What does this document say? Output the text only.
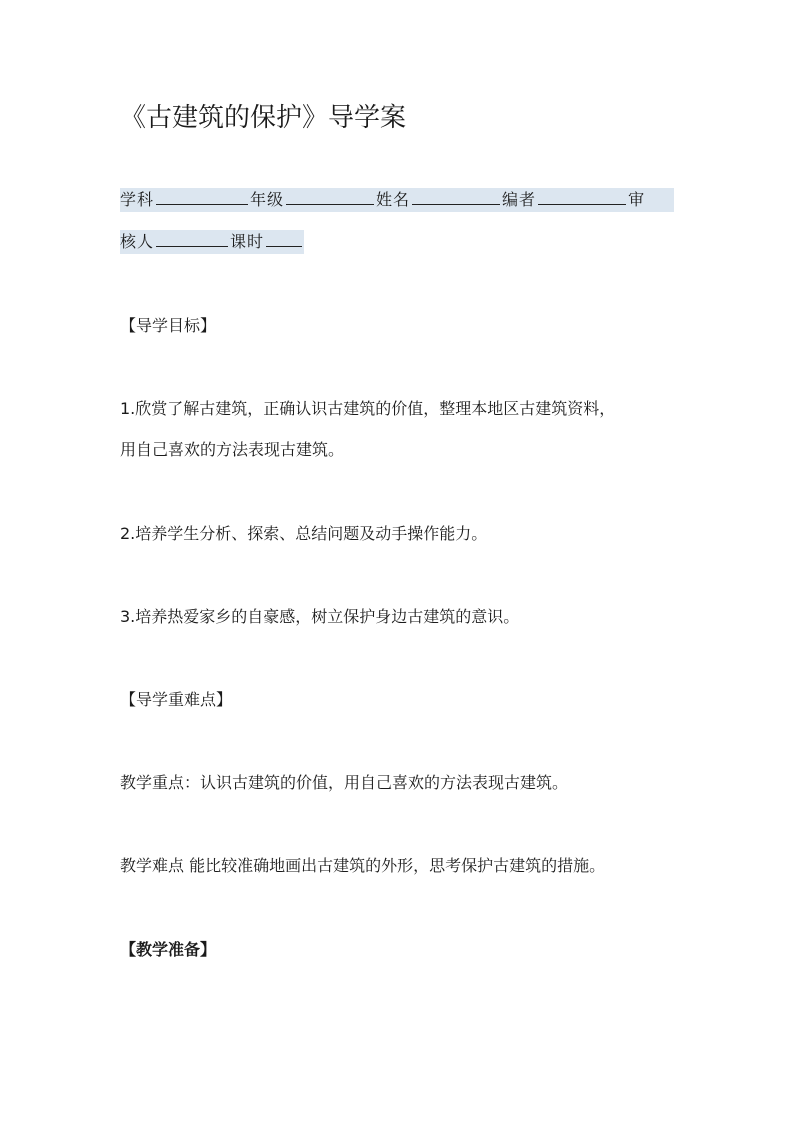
《古建筑的保护》导学案
学科	年级	姓名	编者	审
核人	课时
【导学目标】
1.欣赏了解古建筑，正确认识古建筑的价值，整理本地区古建筑资料，
用自己喜欢的方法表现古建筑。
2.培养学生分析、探索、总结问题及动手操作能力。
3.培养热爱家乡的自豪感，树立保护身边古建筑的意识。
【导学重难点】
教学重点：认识古建筑的价值，用自己喜欢的方法表现古建筑。
教学难点 能比较准确地画出古建筑的外形，思考保护古建筑的措施。
【教学准备】
